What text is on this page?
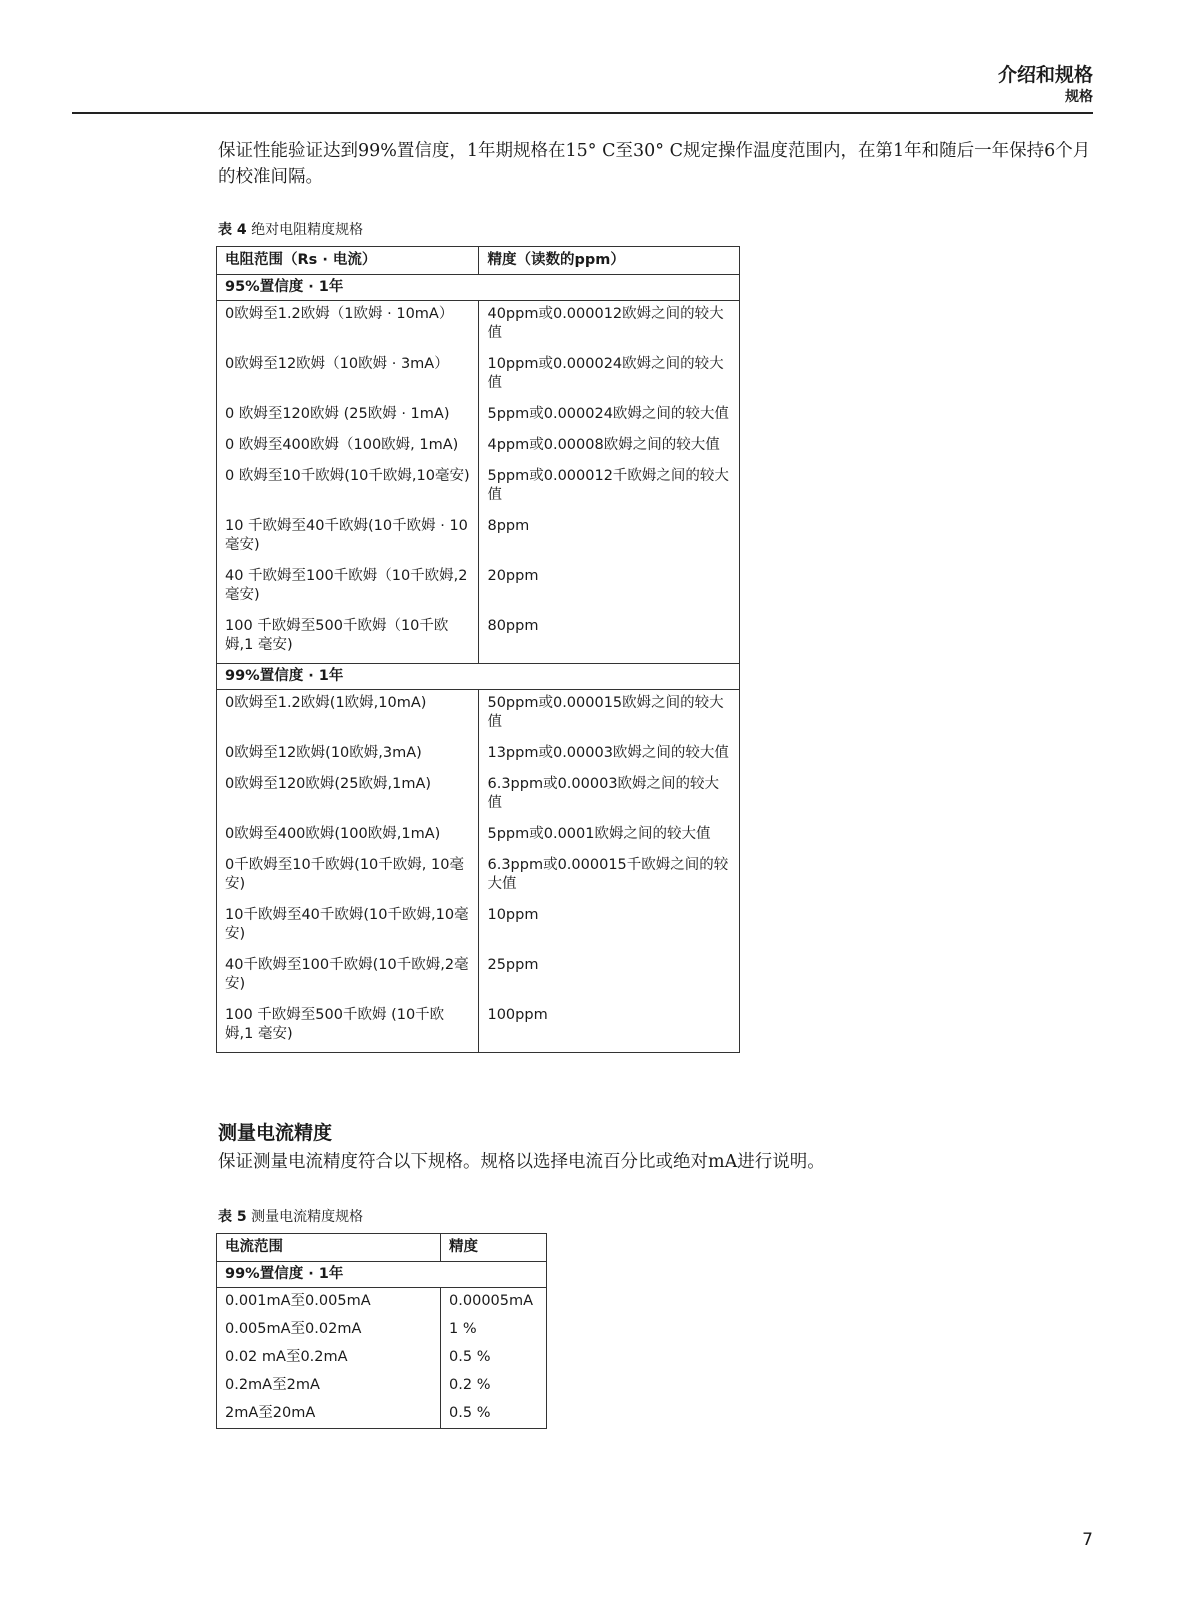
介绍和规格
规格

保证性能验证达到99%置信度，1年期规格在15° C至30° C规定操作温度范围内，在第1年和随后一年保持6个月的校准间隔。

表 4 绝对电阻精度规格
电阻范围（Rs · 电流）	精度（读数的ppm）
95%置信度 · 1年	
0欧姆至1.2欧姆（1欧姆 · 10mA）	40ppm或0.000012欧姆之间的较大值
0欧姆至12欧姆（10欧姆 · 3mA）	10ppm或0.000024欧姆之间的较大值
0 欧姆至120欧姆 (25欧姆 · 1mA)	5ppm或0.000024欧姆之间的较大值
0 欧姆至400欧姆（100欧姆, 1mA)	4ppm或0.00008欧姆之间的较大值
0 欧姆至10千欧姆(10千欧姆,10毫安)	5ppm或0.000012千欧姆之间的较大值
10 千欧姆至40千欧姆(10千欧姆 · 10毫安)	8ppm
40 千欧姆至100千欧姆（10千欧姆,2毫安)	20ppm
100 千欧姆至500千欧姆（10千欧姆,1 毫安)	80ppm
99%置信度 · 1年	
0欧姆至1.2欧姆(1欧姆,10mA)	50ppm或0.000015欧姆之间的较大值
0欧姆至12欧姆(10欧姆,3mA)	13ppm或0.00003欧姆之间的较大值
0欧姆至120欧姆(25欧姆,1mA)	6.3ppm或0.00003欧姆之间的较大值
0欧姆至400欧姆(100欧姆,1mA)	5ppm或0.0001欧姆之间的较大值
0千欧姆至10千欧姆(10千欧姆, 10毫安)	6.3ppm或0.000015千欧姆之间的较大值
10千欧姆至40千欧姆(10千欧姆,10毫安)	10ppm
40千欧姆至100千欧姆(10千欧姆,2毫安)	25ppm
100 千欧姆至500千欧姆 (10千欧姆,1 毫安)	100ppm
测量电流精度
保证测量电流精度符合以下规格。规格以选择电流百分比或绝对mA进行说明。
表 5 测量电流精度规格
电流范围	精度
99%置信度 · 1年	
0.001mA至0.005mA	0.00005mA
0.005mA至0.02mA	1 %
0.02 mA至0.2mA	0.5 %
0.2mA至2mA	0.2 %
2mA至20mA	0.5 %
7
